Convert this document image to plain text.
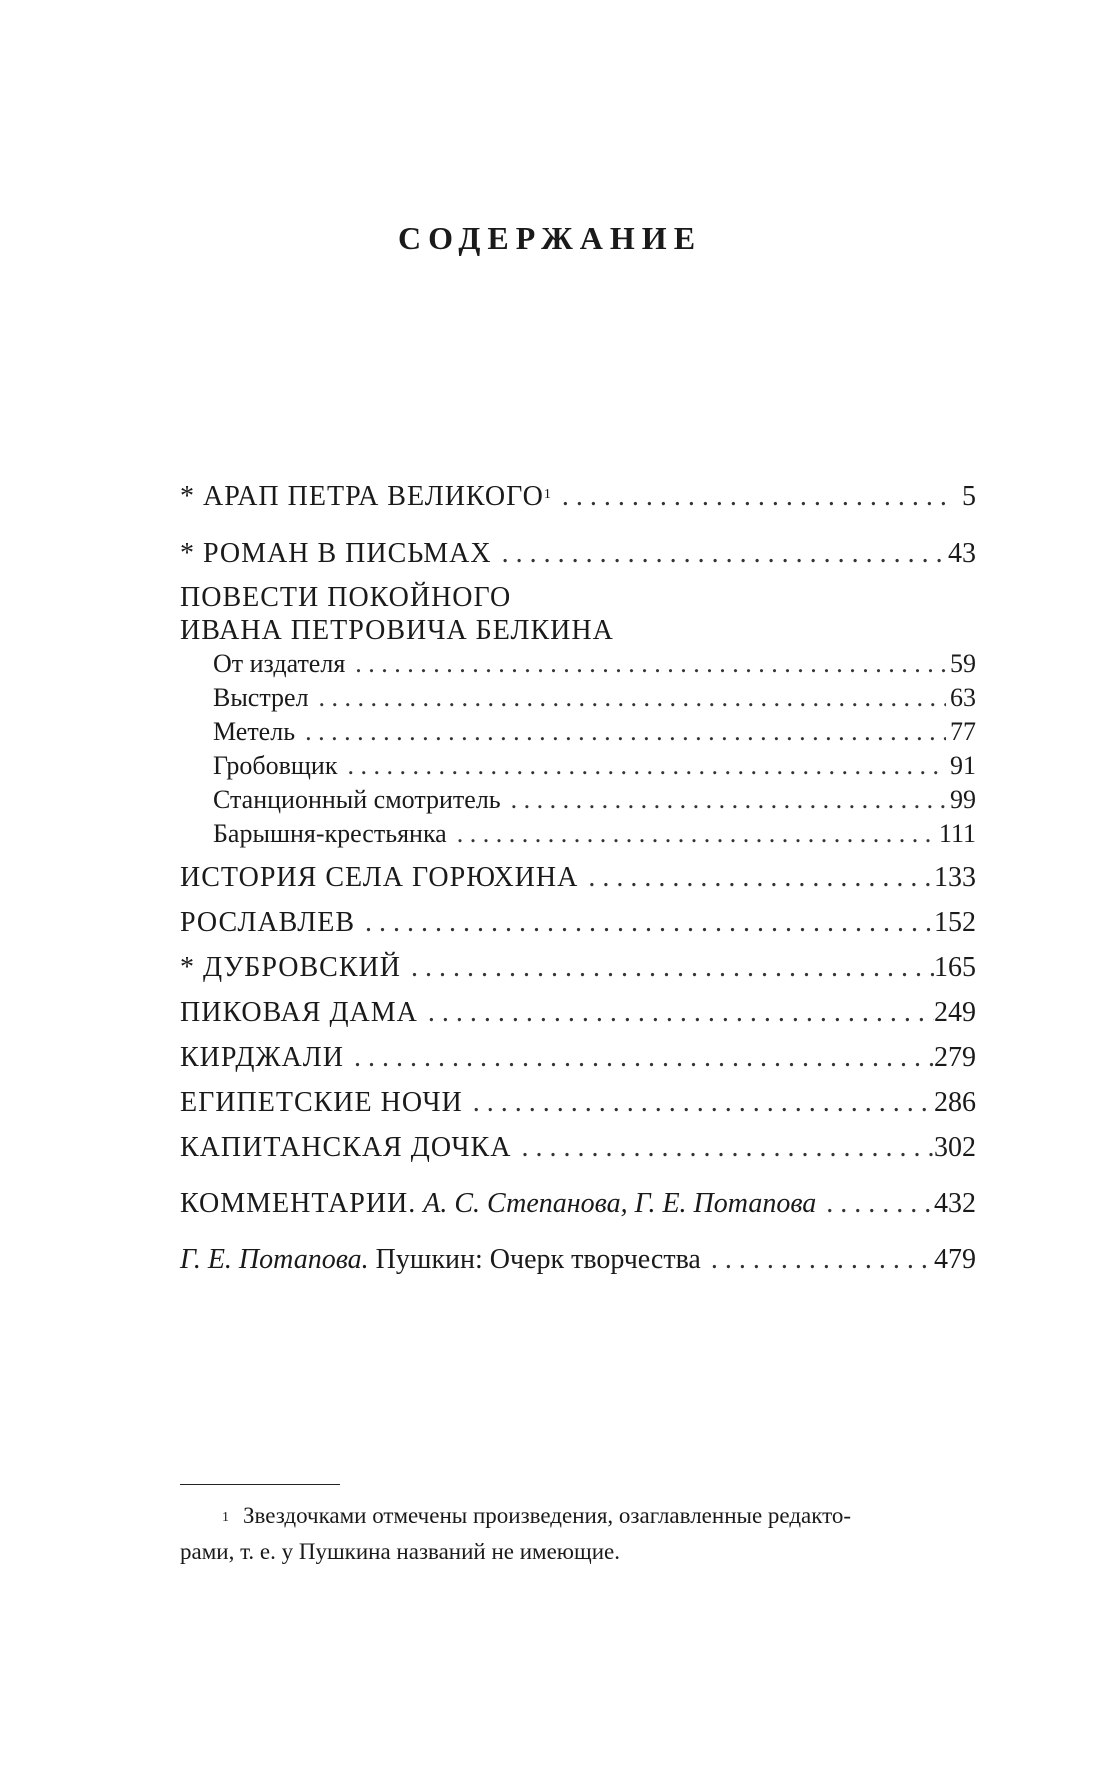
СОДЕРЖАНИЕ
* АРАП ПЕТРА ВЕЛИКОГО$^1$ . . .	5
* РОМАН В ПИСЬМАХ . . .	43
ПОВЕСТИ ПОКОЙНОГО
ИВАНА ПЕТРОВИЧА БЕЛКИНА
От издателя . . .	59
Выстрел . . .	63
Метель . . .	77
Гробовщик . . .	91
Станционный смотритель . . .	99
Барышня-крестьянка . . .	111
ИСТОРИЯ СЕЛА ГОРЮХИНА . . .	133
РОСЛАВЛЕВ . . .	152
* ДУБРОВСКИЙ . . .	165
ПИКОВАЯ ДАМА . . .	249
КИРДЖАЛИ . . .	279
ЕГИПЕТСКИЕ НОЧИ . . .	286
КАПИТАНСКАЯ ДОЧКА . . .	302
КОММЕНТАРИИ. А. С. Степанова, Г. Е. Потапова . . .	432
Г. Е. Потапова. Пушкин: Очерк творчества . . .	479
$^1$ Звездочками отмечены произведения, озаглавленные редакто-
рами, т. е. у Пушкина названий не имеющие.
